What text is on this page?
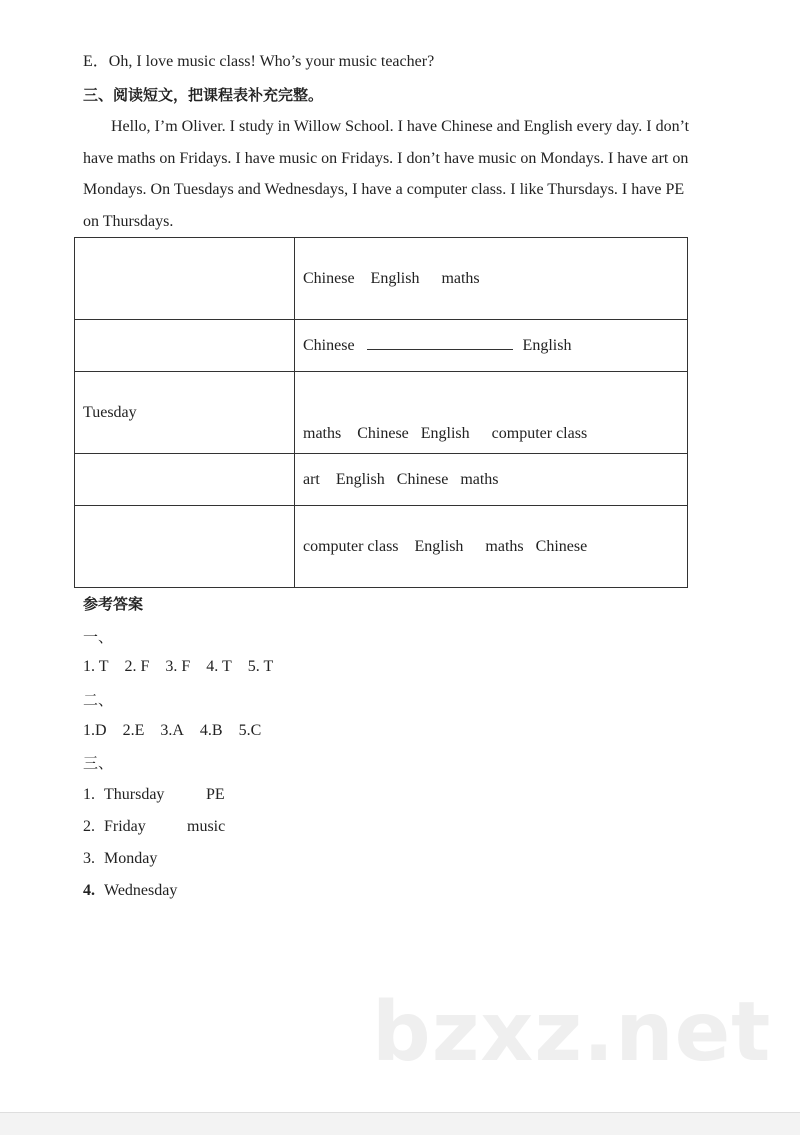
E．Oh, I love music class! Who’s your music teacher?
三、阅读短文，把课程表补充完整。
Hello, I’m Oliver. I study in Willow School. I have Chinese and English every day. I don’t
have maths on Fridays. I have music on Fridays. I don’t have music on Mondays. I have art on
Mondays. On Tuesdays and Wednesdays, I have a computer class. I like Thursdays. I have PE
on Thursdays.
	Chinese English maths
	Chinese English
Tuesday	maths Chinese English computer class
	art English Chinese maths
	computer class English maths Chinese
参考答案
一、
1. T 2. F 3. F 4. T 5. T
二、
1.D 2.E 3.A 4.B 5.C
三、
1. Thursday	PE
2. Friday	music
3. Monday
4. Wednesday
bzxz.net
